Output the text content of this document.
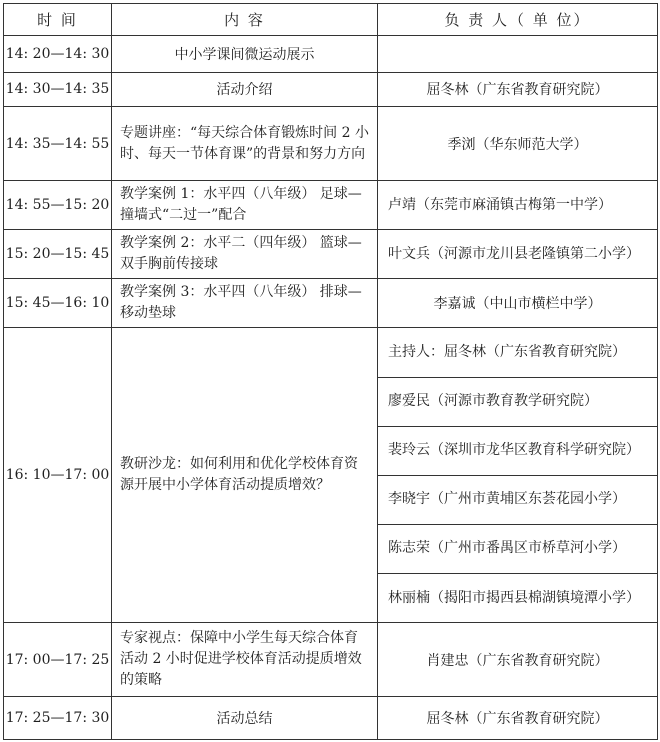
时 间	内 容	负 责 人（ 单 位）
14: 20—14: 30	中小学课间微运动展示	
14: 30—14: 35	活动介绍	屈冬林（广东省教育研究院）
14: 35—14: 55	专题讲座：“每天综合体育锻炼时间 2 小时、每天一节体育课”的背景和努力方向	季浏（华东师范大学）
14: 55—15: 20	教学案例 1：水平四（八年级） 足球—撞墙式“二过一”配合	卢靖（东莞市麻涌镇古梅第一中学）
15: 20—15: 45	教学案例 2：水平二（四年级） 篮球—双手胸前传接球	叶文兵（河源市龙川县老隆镇第二小学）
15: 45—16: 10	教学案例 3：水平四（八年级） 排球—移动垫球	李嘉诚（中山市横栏中学）
16: 10—17: 00	教研沙龙：如何利用和优化学校体育资源开展中小学体育活动提质增效？	主持人：屈冬林（广东省教育研究院）
		廖爱民（河源市教育教学研究院）
		裴玲云（深圳市龙华区教育科学研究院）
		李晓宇（广州市黄埔区东荟花园小学）
		陈志荣（广州市番禺区市桥草河小学）
		林丽楠（揭阳市揭西县棉湖镇境潭小学）
17: 00—17: 25	专家视点：保障中小学生每天综合体育活动 2 小时促进学校体育活动提质增效的策略	肖建忠（广东省教育研究院）
17: 25—17: 30	活动总结	屈冬林（广东省教育研究院）
